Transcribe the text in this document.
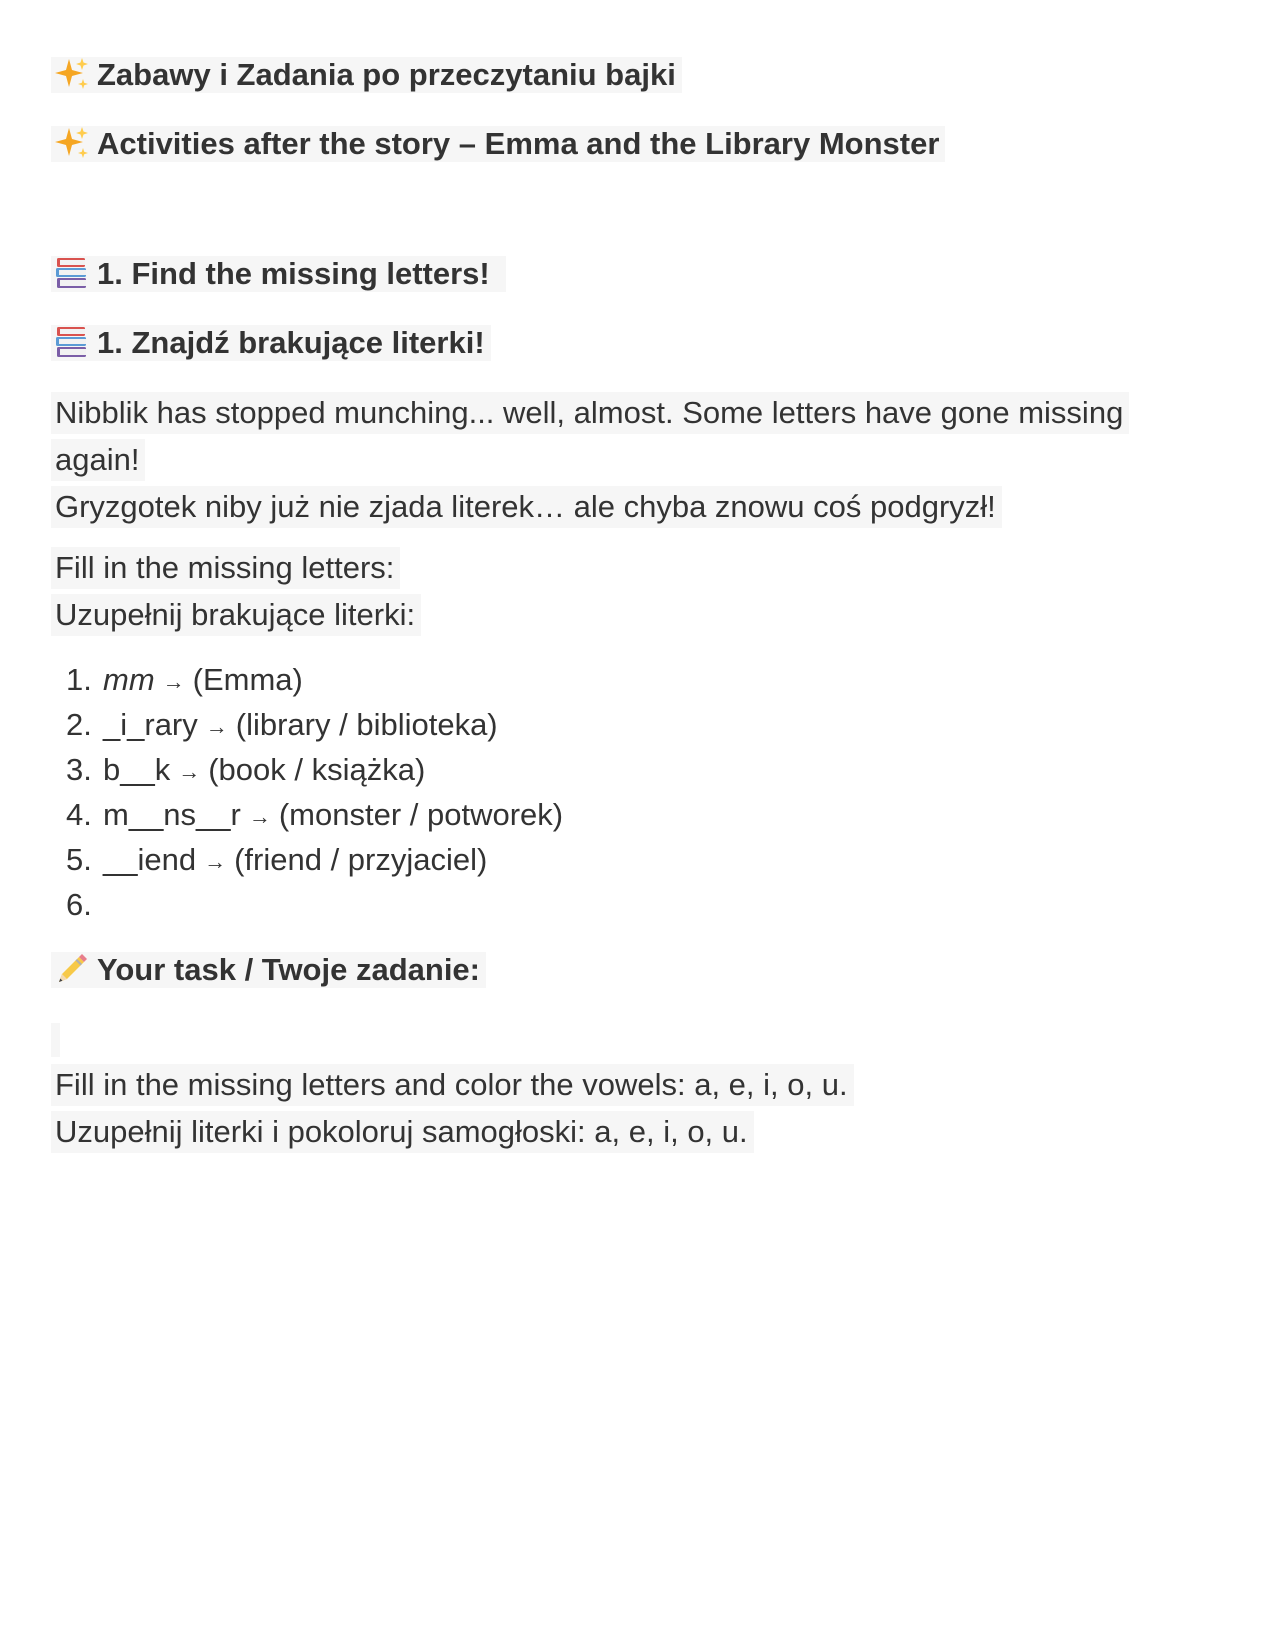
Zabawy i Zadania po przeczytaniu bajki
Activities after the story – Emma and the Library Monster
1. Find the missing letters!
1. Znajdź brakujące literki!
Nibblik has stopped munching... well, almost. Some letters have gone missing again!
Gryzgotek niby już nie zjada literek… ale chyba znowu coś podgryzł!
Fill in the missing letters:
Uzupełnij brakujące literki:
1. mm → (Emma)
2. _i_rary → (library / biblioteka)
3. b__k → (book / książka)
4. m__ns__r → (monster / potworek)
5. __iend → (friend / przyjaciel)
6.
Your task / Twoje zadanie:
Fill in the missing letters and color the vowels: a, e, i, o, u.
Uzupełnij literki i pokoloruj samogłoski: a, e, i, o, u.
